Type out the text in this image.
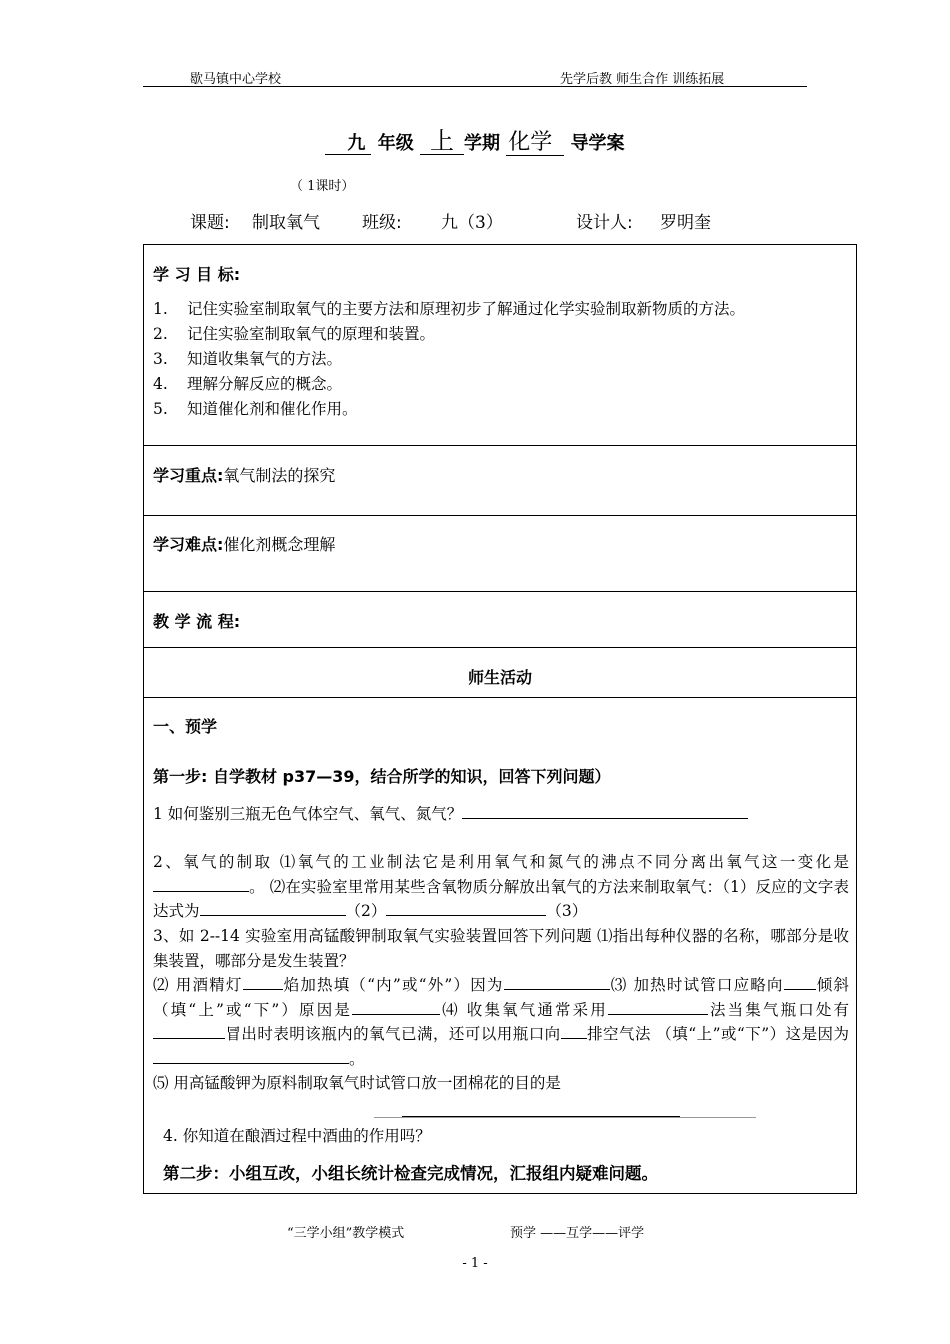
歇马镇中心学校	先学后教 师生合作 训练拓展
九 年级 上 学期 化学 导学案
（ 1课时）
课题: 制取氧气 班级: 九（3）	设计人: 罗明奎
学 习 目 标:
1. 记住实验室制取氧气的主要方法和原理初步了解通过化学实验制取新物质的方法。
2. 记住实验室制取氧气的原理和装置。
3. 知道收集氧气的方法。
4. 理解分解反应的概念。
5. 知道催化剂和催化作用。
学习重点:氧气制法的探究
学习难点:催化剂概念理解
教 学 流 程:
师生活动
一、预学
第一步: 自学教材 p37—39，结合所学的知识，回答下列问题）
1 如何鉴别三瓶无色气体空气、氧气、氮气？
2、氧气的制取 ⑴氧气的工业制法它是利用氧气和氮气的沸点不同分离出氧气这一变化是。 ⑵在实验室里常用某些含氧物质分解放出氧气的方法来制取氧气：（1）反应的文字表达式为	（2）	（3）
3、如 2--14 实验室用高锰酸钾制取氧气实验装置回答下列问题 ⑴指出每种仪器的名称，哪部分是收集装置，哪部分是发生装置？
⑵ 用酒精灯	焰加热填（“内”或“外”）因为	⑶ 加热时试管口应略向 倾斜（填“上”或“下”）原因是	⑷ 收集氧气通常采用	法当集气瓶口处有冒出时表明该瓶内的氧气已满，还可以用瓶口向 排空气法 （填“上”或“下”）这是因为。
⑸ 用高锰酸钾为原料制取氧气时试管口放一团棉花的目的是
4. 你知道在酿酒过程中酒曲的作用吗？
第二步：小组互改，小组长统计检查完成情况，汇报组内疑难问题。
“三学小组”教学模式	预学 ——互学——评学
- 1 -
